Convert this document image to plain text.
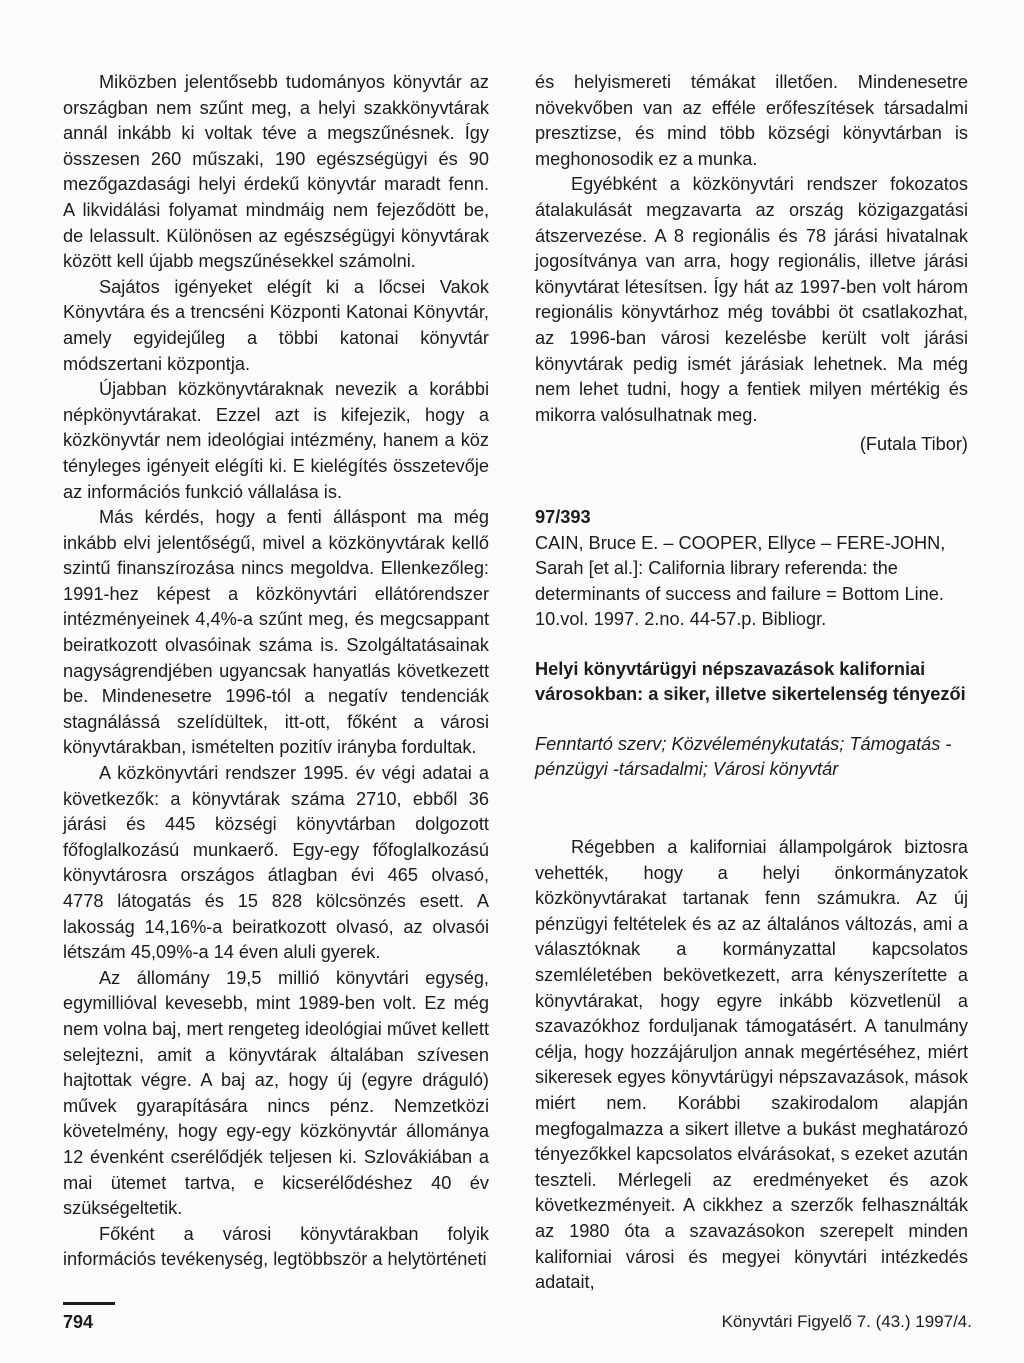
Miközben jelentősebb tudományos könyvtár az országban nem szűnt meg, a helyi szakkönyvtárak annál inkább ki voltak téve a megszűnésnek. Így összesen 260 műszaki, 190 egészségügyi és 90 mezőgazdasági helyi érdekű könyvtár maradt fenn. A likvidálási folyamat mindmáig nem fejeződött be, de lelassult. Különösen az egészségügyi könyvtárak között kell újabb megszűnésekkel számolni.

Sajátos igényeket elégít ki a lőcsei Vakok Könyvtára és a trencséni Központi Katonai Könyvtár, amely egyidejűleg a többi katonai könyvtár módszertani központja.

Újabban közkönyvtáraknak nevezik a korábbi népkönyvtárakat. Ezzel azt is kifejezik, hogy a közkönyvtár nem ideológiai intézmény, hanem a köz tényleges igényeit elégíti ki. E kielégítés összetevője az információs funkció vállalása is.

Más kérdés, hogy a fenti álláspont ma még inkább elvi jelentőségű, mivel a közkönyvtárak kellő szintű finanszírozása nincs megoldva. Ellenkezőleg: 1991-hez képest a közkönyvtári ellátórendszer intézményeinek 4,4%-a szűnt meg, és megcsappant beiratkozott olvasóinak száma is. Szolgáltatásainak nagyságrendjében ugyancsak hanyatlás következett be. Mindenesetre 1996-tól a negatív tendenciák stagnálássá szelídültek, itt-ott, főként a városi könyvtárakban, ismételten pozitív irányba fordultak.

A közkönyvtári rendszer 1995. év végi adatai a következők: a könyvtárak száma 2710, ebből 36 járási és 445 községi könyvtárban dolgozott főfoglalkozású munkaerő. Egy-egy főfoglalkozású könyvtárosra országos átlagban évi 465 olvasó, 4778 látogatás és 15 828 kölcsönzés esett. A lakosság 14,16%-a beiratkozott olvasó, az olvasói létszám 45,09%-a 14 éven aluli gyerek.

Az állomány 19,5 millió könyvtári egység, egymillióval kevesebb, mint 1989-ben volt. Ez még nem volna baj, mert rengeteg ideológiai művet kellett selejtezni, amit a könyvtárak általában szívesen hajtottak végre. A baj az, hogy új (egyre dráguló) művek gyarapítására nincs pénz. Nemzetközi követelmény, hogy egy-egy közkönyvtár állománya 12 évenként cserélődjék teljesen ki. Szlovákiában a mai ütemet tartva, e kicserélődéshez 40 év szükségeltetik.

Főként a városi könyvtárakban folyik információs tevékenység, legtöbbször a helytörténeti

és helyismereti témákat illetően. Mindenesetre növekvőben van az efféle erőfeszítések társadalmi presztizse, és mind több községi könyvtárban is meghonosodik ez a munka.

Egyébként a közkönyvtári rendszer fokozatos átalakulását megzavarta az ország közigazgatási átszervezése. A 8 regionális és 78 járási hivatalnak jogosítványa van arra, hogy regionális, illetve járási könyvtárat létesítsen. Így hát az 1997-ben volt három regionális könyvtárhoz még további öt csatlakozhat, az 1996-ban városi kezelésbe került volt járási könyvtárak pedig ismét járásiak lehetnek. Ma még nem lehet tudni, hogy a fentiek milyen mértékig és mikorra valósulhatnak meg.

(Futala Tibor)

97/393

CAIN, Bruce E. – COOPER, Ellyce – FERE-JOHN, Sarah [et al.]: California library referenda: the determinants of success and failure = Bottom Line. 10.vol. 1997. 2.no. 44-57.p. Bibliogr.

Helyi könyvtárügyi népszavazások kaliforniai városokban: a siker, illetve sikertelenség tényezői

Fenntartó szerv; Közvéleménykutatás; Támogatás -pénzügyi -társadalmi; Városi könyvtár

Régebben a kaliforniai állampolgárok biztosra vehették, hogy a helyi önkormányzatok közkönyvtárakat tartanak fenn számukra. Az új pénzügyi feltételek és az az általános változás, ami a választóknak a kormányzattal kapcsolatos szemléletében bekövetkezett, arra kényszerítette a könyvtárakat, hogy egyre inkább közvetlenül a szavazókhoz forduljanak támogatásért. A tanulmány célja, hogy hozzájáruljon annak megértéséhez, miért sikeresek egyes könyvtárügyi népszavazások, mások miért nem. Korábbi szakirodalom alapján megfogalmazza a sikert illetve a bukást meghatározó tényezőkkel kapcsolatos elvárásokat, s ezeket azután teszteli. Mérlegeli az eredményeket és azok következményeit. A cikkhez a szerzők felhasználták az 1980 óta a szavazásokon szerepelt minden kaliforniai városi és megyei könyvtári intézkedés adatait,

794	Könyvtári Figyelő 7. (43.) 1997/4.
